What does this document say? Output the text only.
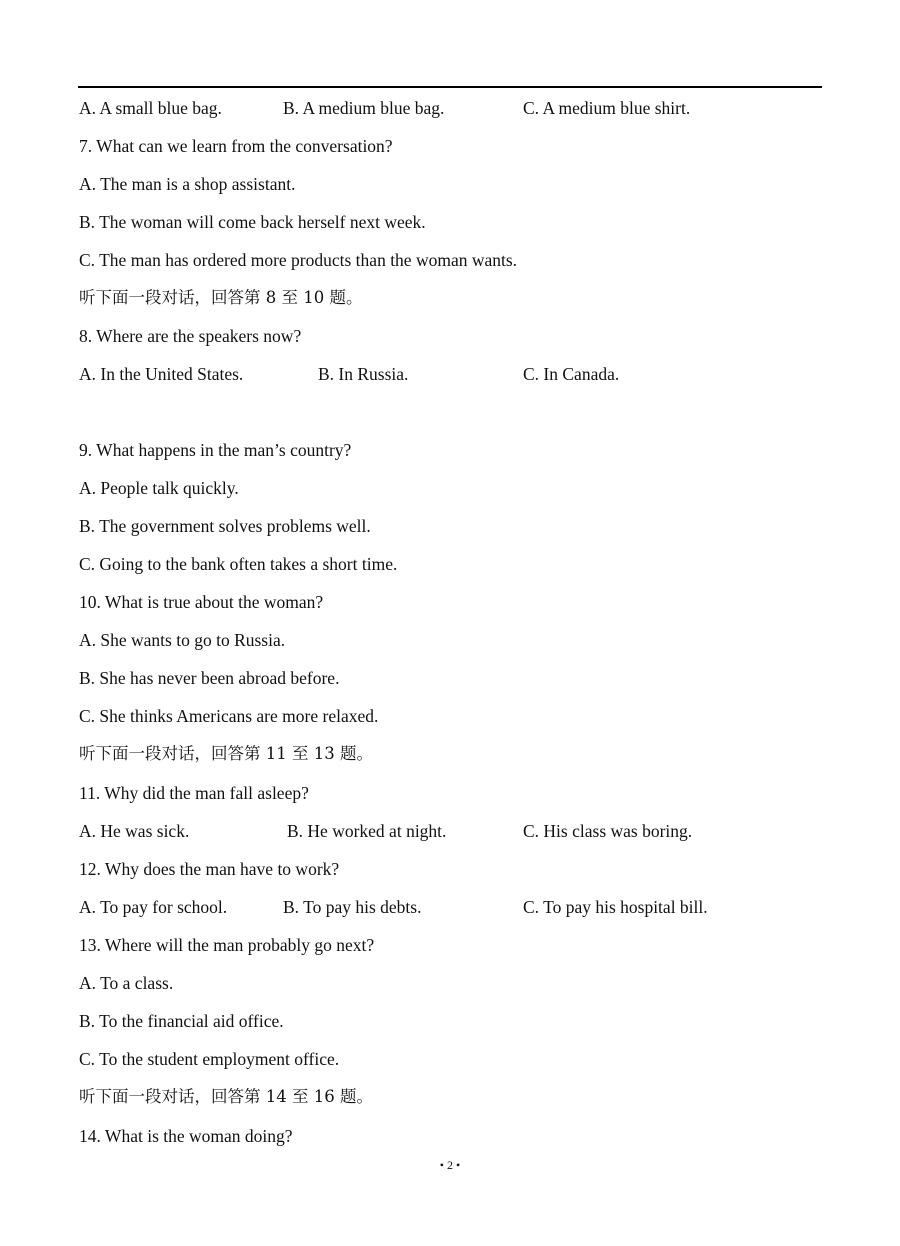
A. A small blue bag.	B. A medium blue bag.	C. A medium blue shirt.
7. What can we learn from the conversation?
A. The man is a shop assistant.
B. The woman will come back herself next week.
C. The man has ordered more products than the woman wants.
听下面一段对话，回答第 8 至 10 题。
8. Where are the speakers now?
A. In the United States.	B. In Russia.	C. In Canada.
9. What happens in the man’s country?
A. People talk quickly.
B. The government solves problems well.
C. Going to the bank often takes a short time.
10. What is true about the woman?
A. She wants to go to Russia.
B. She has never been abroad before.
C. She thinks Americans are more relaxed.
听下面一段对话，回答第 11 至 13 题。
11. Why did the man fall asleep?
A. He was sick.	B. He worked at night.	C. His class was boring.
12. Why does the man have to work?
A. To pay for school.	B. To pay his debts.	C. To pay his hospital bill.
13. Where will the man probably go next?
A. To a class.
B. To the financial aid office.
C. To the student employment office.
听下面一段对话，回答第 14 至 16 题。
14. What is the woman doing?
• 2 •
